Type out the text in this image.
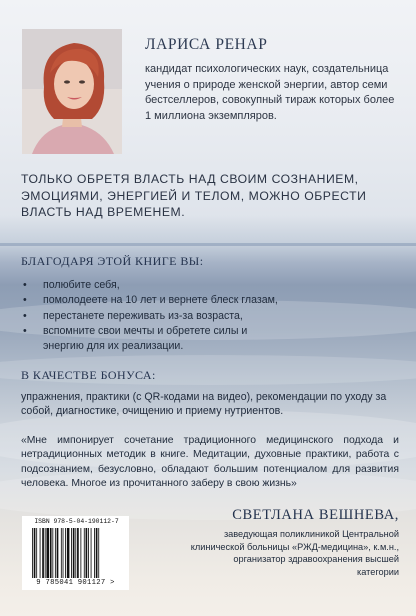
ЛАРИСА РЕНАР
кандидат психологических наук, создательница учения о природе женской энергии, автор семи бестселлеров, совокупный тираж которых более 1 миллиона экземпляров.
ТОЛЬКО ОБРЕТЯ ВЛАСТЬ НАД СВОИМ СОЗНАНИЕМ, ЭМОЦИЯМИ, ЭНЕРГИЕЙ И ТЕЛОМ, МОЖНО ОБРЕСТИ ВЛАСТЬ НАД ВРЕМЕНЕМ.
БЛАГОДАРЯ ЭТОЙ КНИГЕ ВЫ:
• полюбите себя,
• помолодеете на 10 лет и вернете блеск глазам,
• перестанете переживать из-за возраста,
• вспомните свои мечты и обретете силы и энергию для их реализации.
В КАЧЕСТВЕ БОНУСА:
упражнения, практики (с QR-кодами на видео), рекомендации по уходу за собой, диагностике, очищению и приему нутриентов.
«Мне импонирует сочетание традиционного медицинского подхода и нетрадиционных методик в книге. Медитации, духовные практики, работа с подсознанием, безусловно, обладают большим потенциалом для развития человека. Многое из прочитанного заберу в свою жизнь»
ISBN 978-5-04-190112-7
9 785041 901127 >
СВЕТЛАНА ВЕШНЕВА,
заведующая поликлиникой Центральной клинической больницы «РЖД-медицина», к.м.н., организатор здравоохранения высшей категории
